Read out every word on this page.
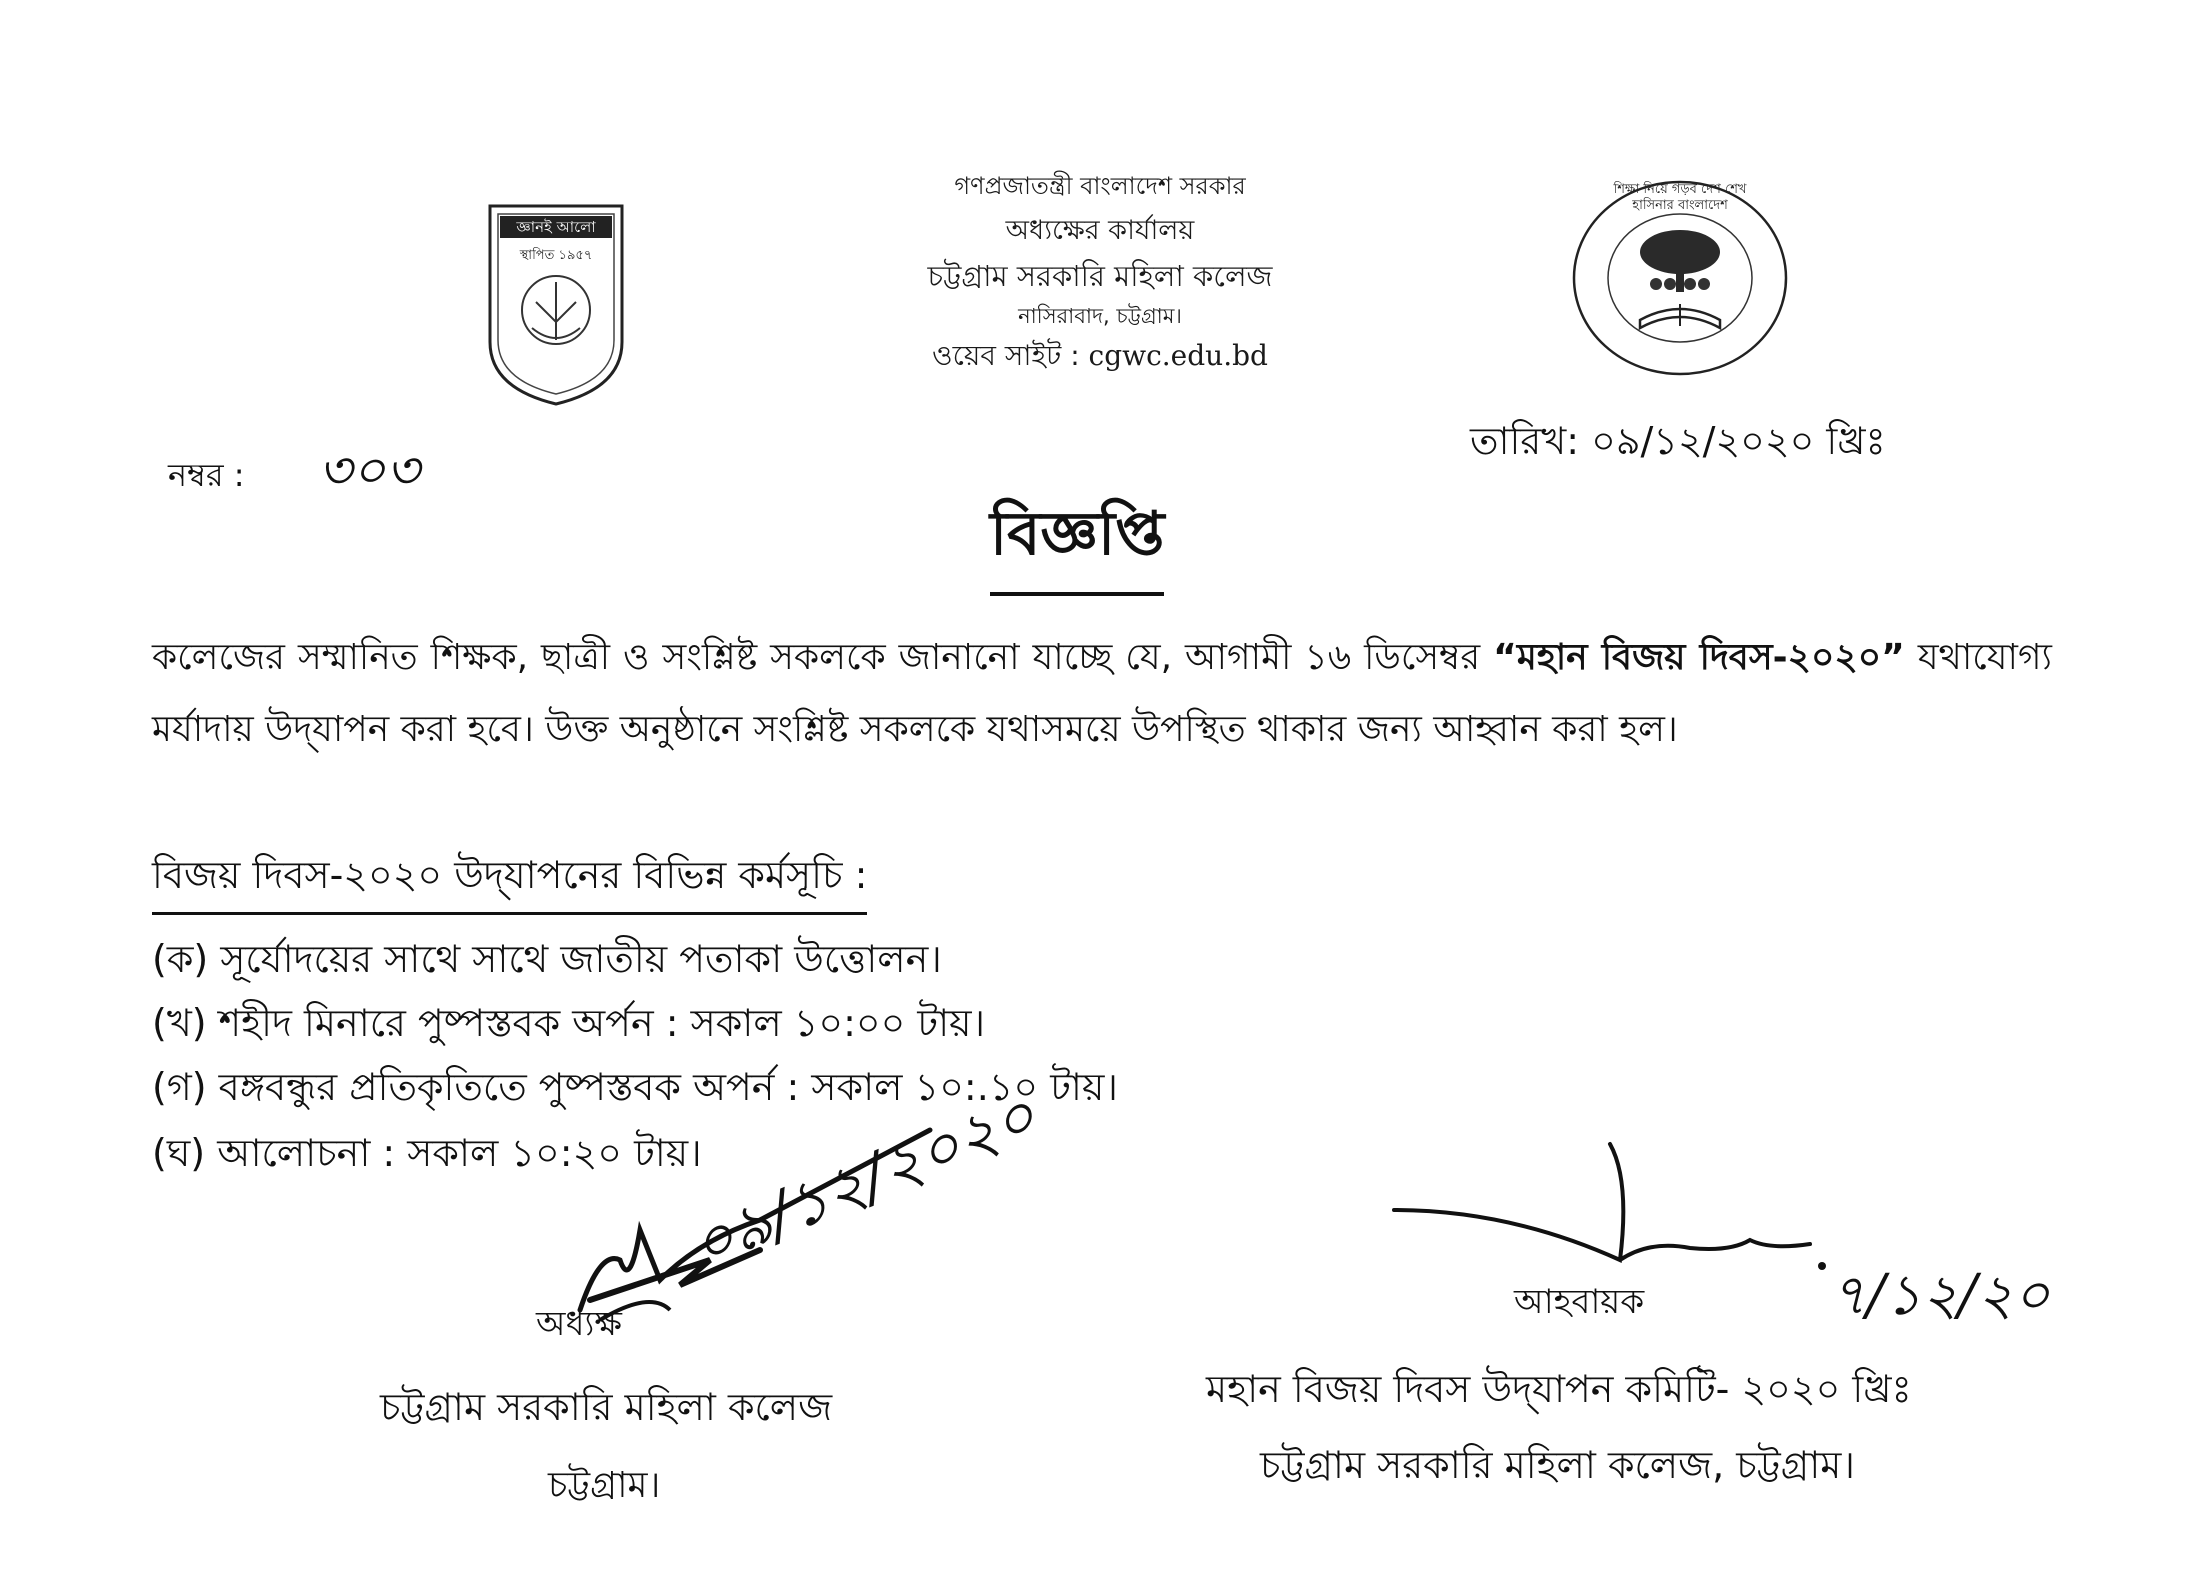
জ্ঞানই আলো
স্থাপিত ১৯৫৭
শিক্ষা নিয়ে গড়ব দেশ শেখ হাসিনার বাংলাদেশ
গণপ্রজাতন্ত্রী বাংলাদেশ সরকার
অধ্যক্ষের কার্যালয়
চট্টগ্রাম সরকারি মহিলা কলেজ
নাসিরাবাদ, চট্টগ্রাম।
ওয়েব সাইট : cgwc.edu.bd
নম্বর : ৩০৩	তারিখ: ০৯/১২/২০২০ খ্রিঃ
বিজ্ঞপ্তি
কলেজের সম্মানিত শিক্ষক, ছাত্রী ও সংশ্লিষ্ট সকলকে জানানো যাচ্ছে যে, আগামী ১৬ ডিসেম্বর “মহান বিজয় দিবস-২০২০” যথাযোগ্য মর্যাদায় উদ্‌যাপন করা হবে। উক্ত অনুষ্ঠানে সংশ্লিষ্ট সকলকে যথাসময়ে উপস্থিত থাকার জন্য আহ্বান করা হল।
বিজয় দিবস-২০২০ উদ্‌যাপনের বিভিন্ন কর্মসূচি :
(ক) সূর্যোদয়ের সাথে সাথে জাতীয় পতাকা উত্তোলন।
(খ) শহীদ মিনারে পুষ্পস্তবক অর্পন : সকাল ১০:০০ টায়।
(গ) বঙ্গবন্ধুর প্রতিকৃতিতে পুষ্পস্তবক অপর্ন : সকাল ১০:.১০ টায়।
(ঘ) আলোচনা : সকাল ১০:২০ টায়।
০৯/১২/২০২০
অধ্যক্ষ
চট্টগ্রাম সরকারি মহিলা কলেজ
চট্টগ্রাম।
৭/১২/২০
আহবায়ক
মহান বিজয় দিবস উদ্‌যাপন কমিটি- ২০২০ খ্রিঃ
চট্টগ্রাম সরকারি মহিলা কলেজ, চট্টগ্রাম।
